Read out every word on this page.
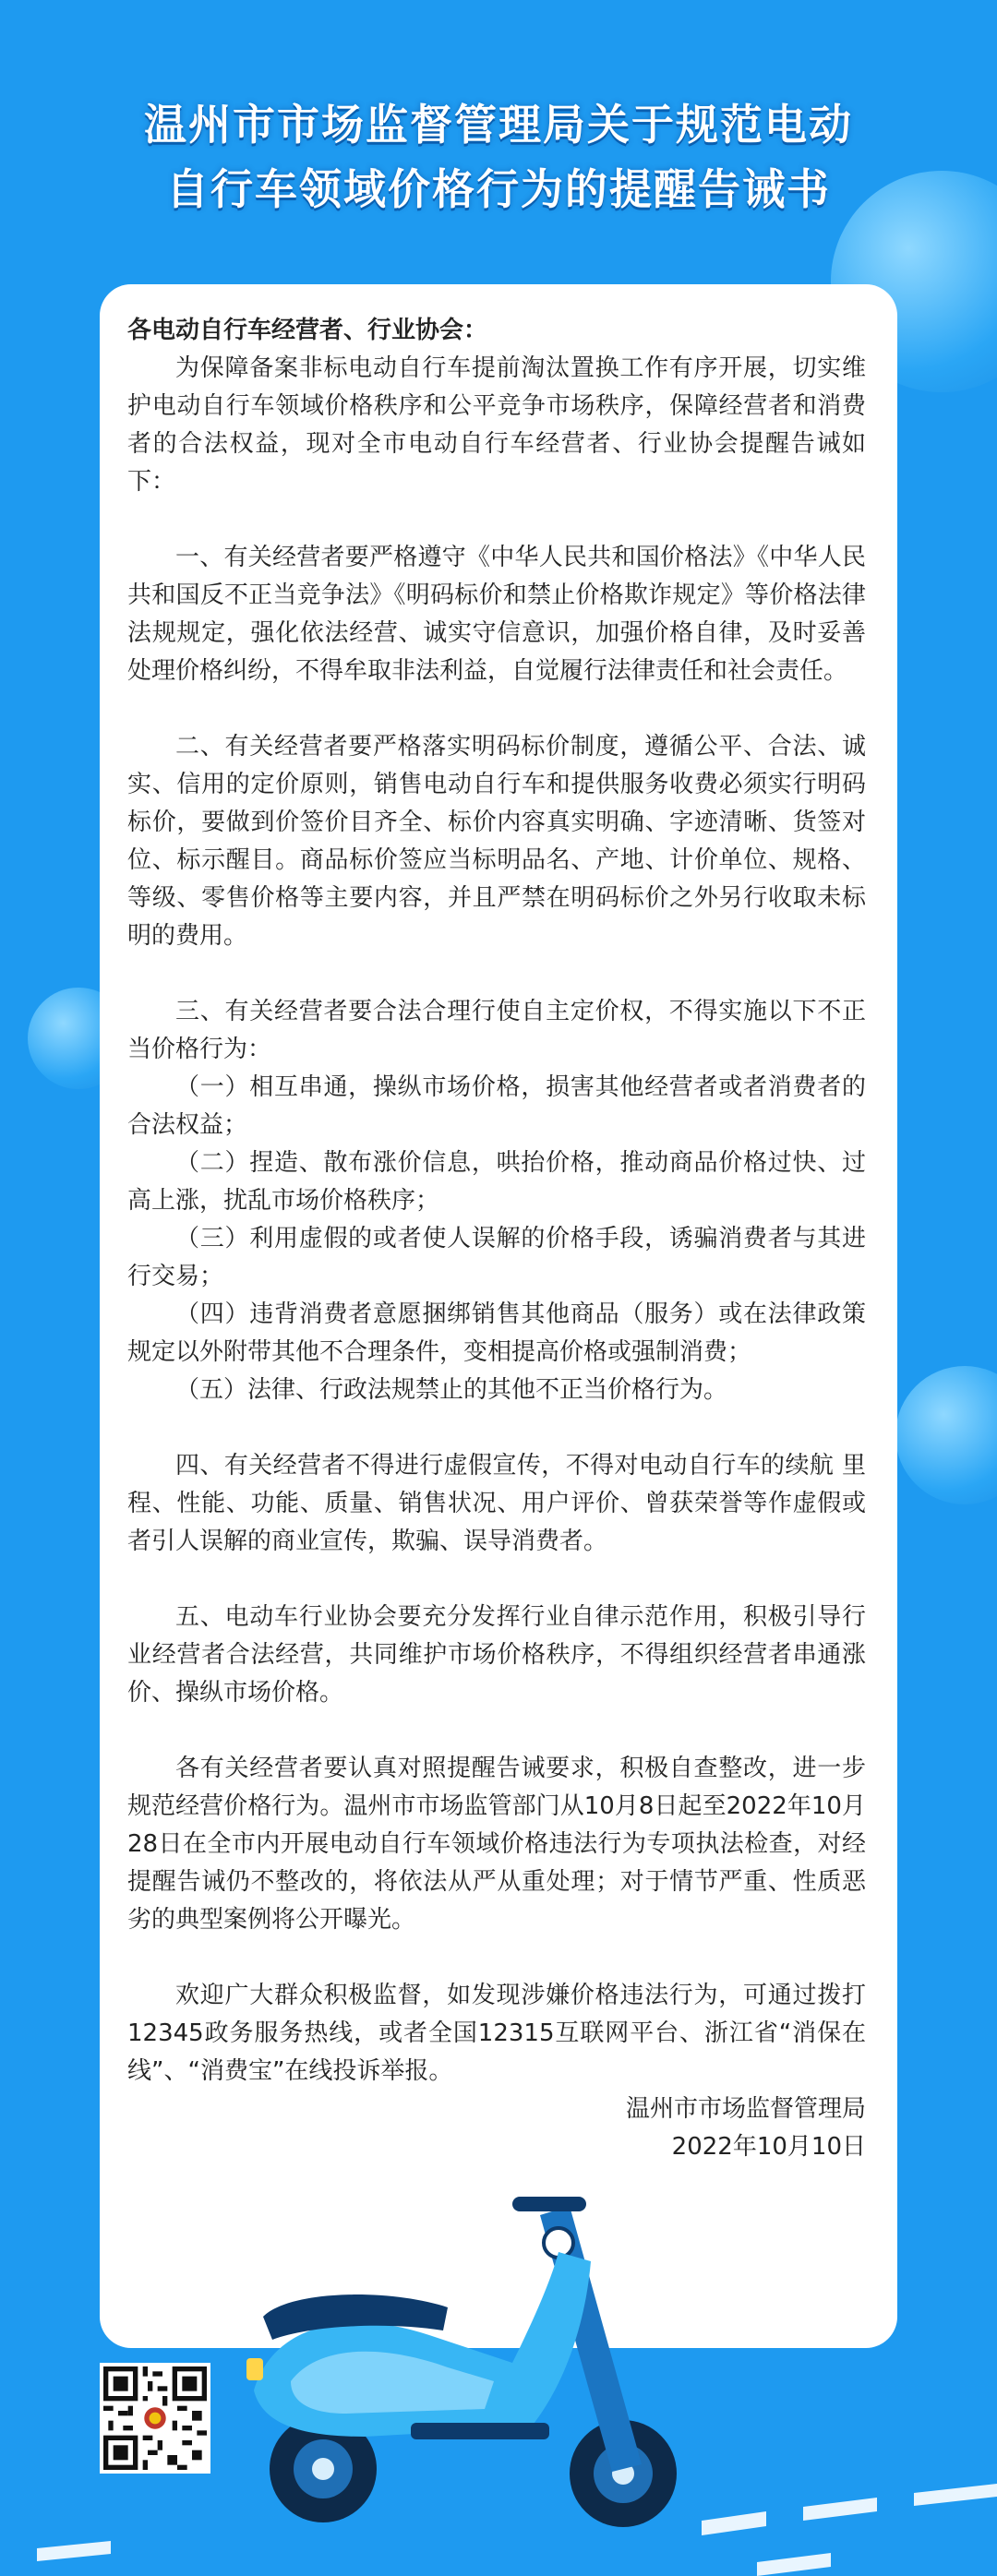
温州市市场监督管理局关于规范电动
自行车领域价格行为的提醒告诫书

各电动自行车经营者、行业协会：

为保障备案非标电动自行车提前淘汰置换工作有序开展，切实维护电动自行车领域价格秩序和公平竞争市场秩序，保障经营者和消费者的合法权益，现对全市电动自行车经营者、行业协会提醒告诫如下：

一、有关经营者要严格遵守《中华人民共和国价格法》《中华人民共和国反不正当竞争法》《明码标价和禁止价格欺诈规定》等价格法律法规规定，强化依法经营、诚实守信意识，加强价格自律，及时妥善处理价格纠纷，不得牟取非法利益，自觉履行法律责任和社会责任。

二、有关经营者要严格落实明码标价制度，遵循公平、合法、诚实、信用的定价原则，销售电动自行车和提供服务收费必须实行明码标价，要做到价签价目齐全、标价内容真实明确、字迹清晰、货签对位、标示醒目。商品标价签应当标明品名、产地、计价单位、规格、等级、零售价格等主要内容，并且严禁在明码标价之外另行收取未标明的费用。

三、有关经营者要合法合理行使自主定价权，不得实施以下不正当价格行为：

（一）相互串通，操纵市场价格，损害其他经营者或者消费者的合法权益；

（二）捏造、散布涨价信息，哄抬价格，推动商品价格过快、过高上涨，扰乱市场价格秩序；

（三）利用虚假的或者使人误解的价格手段，诱骗消费者与其进行交易；

（四）违背消费者意愿捆绑销售其他商品（服务）或在法律政策规定以外附带其他不合理条件，变相提高价格或强制消费；

（五）法律、行政法规禁止的其他不正当价格行为。

四、有关经营者不得进行虚假宣传，不得对电动自行车的续航 里程、性能、功能、质量、销售状况、用户评价、曾获荣誉等作虚假或者引人误解的商业宣传，欺骗、误导消费者。

五、电动车行业协会要充分发挥行业自律示范作用，积极引导行业经营者合法经营，共同维护市场价格秩序，不得组织经营者串通涨价、操纵市场价格。

各有关经营者要认真对照提醒告诫要求，积极自查整改，进一步规范经营价格行为。温州市市场监管部门从10月8日起至2022年10月28日在全市内开展电动自行车领域价格违法行为专项执法检查，对经提醒告诫仍不整改的，将依法从严从重处理；对于情节严重、性质恶劣的典型案例将公开曝光。

欢迎广大群众积极监督，如发现涉嫌价格违法行为，可通过拨打12345政务服务热线，或者全国12315互联网平台、浙江省“消保在线”、“消费宝”在线投诉举报。

温州市市场监督管理局

2022年10月10日
